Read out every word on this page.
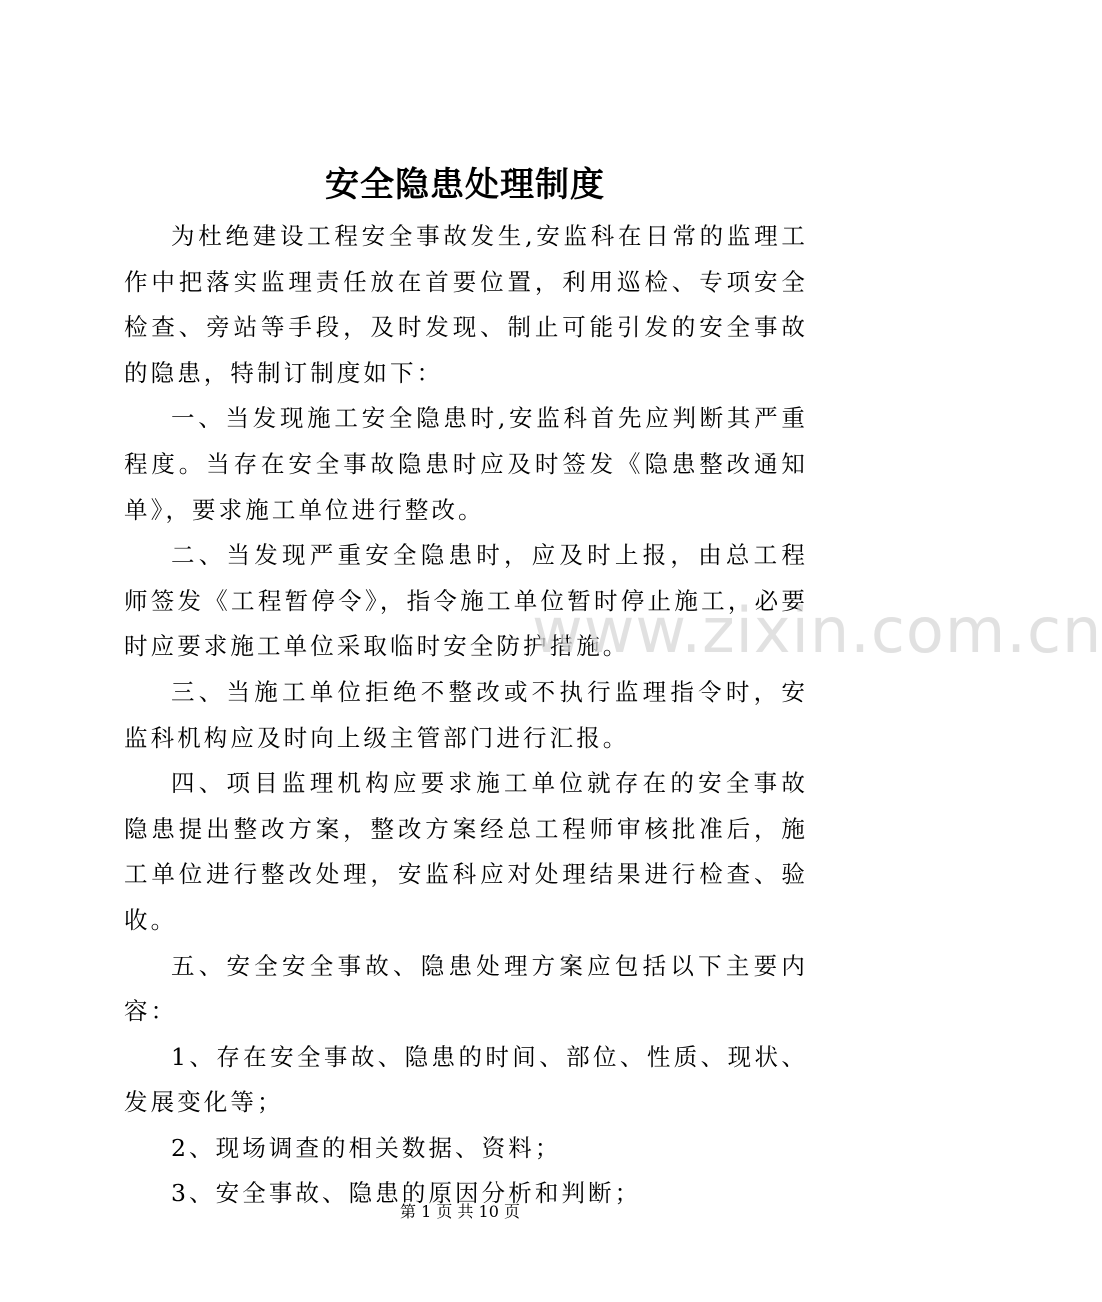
安全隐患处理制度

为杜绝建设工程安全事故发生,安监科在日常的监理工作中把落实监理责任放在首要位置，利用巡检、专项安全检查、旁站等手段，及时发现、制止可能引发的安全事故的隐患，特制订制度如下：

一、当发现施工安全隐患时,安监科首先应判断其严重程度。当存在安全事故隐患时应及时签发《隐患整改通知单》，要求施工单位进行整改。

二、当发现严重安全隐患时，应及时上报，由总工程师签发《工程暂停令》，指令施工单位暂时停止施工，必要时应要求施工单位采取临时安全防护措施。

三、当施工单位拒绝不整改或不执行监理指令时，安监科机构应及时向上级主管部门进行汇报。

四、项目监理机构应要求施工单位就存在的安全事故隐患提出整改方案，整改方案经总工程师审核批准后，施工单位进行整改处理，安监科应对处理结果进行检查、验收。

五、安全安全事故、隐患处理方案应包括以下主要内容：

1、存在安全事故、隐患的时间、部位、性质、现状、发展变化等；

2、现场调查的相关数据、资料；

3、安全事故、隐患的原因分析和判断；

www.zixin.com.cn
第 1 页 共 10 页
